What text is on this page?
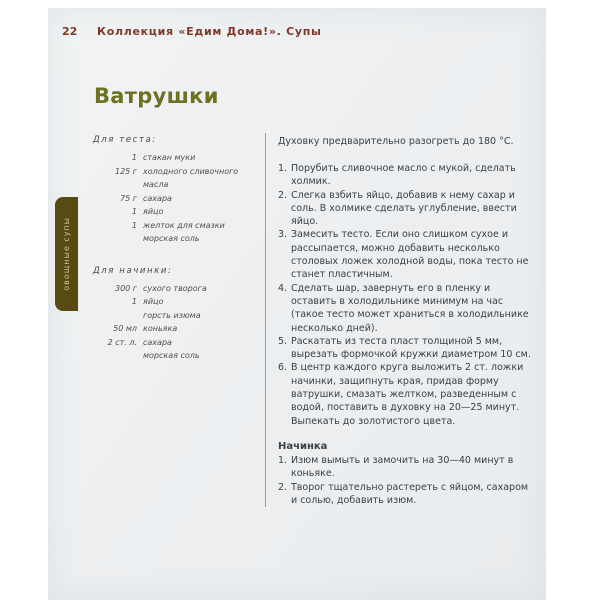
22 Коллекция «Едим Дома!». Супы
Ватрушки
овощные супы
Для теста:
1 стакан муки
125 г холодного сливочного масла
75 г сахара
1 яйцо
1 желток для смазки
морская соль
Для начинки:
300 г сухого творога
1 яйцо
горсть изюма
50 мл коньяка
2 ст. л. сахара
морская соль
Духовку предварительно разогреть до 180 °C.
1. Порубить сливочное масло с мукой, сделать холмик.
2. Слегка взбить яйцо, добавив к нему сахар и соль. В холмике сделать углубление, ввести яйцо.
3. Замесить тесто. Если оно слишком сухое и рассыпается, можно добавить несколько столовых ложек холодной воды, пока тесто не станет пластичным.
4. Сделать шар, завернуть его в пленку и оставить в холодильнике минимум на час (такое тесто может храниться в холодильнике несколько дней).
5. Раскатать из теста пласт толщиной 5 мм, вырезать формочкой кружки диаметром 10 см.
6. В центр каждого круга выложить 2 ст. ложки начинки, защипнуть края, придав форму ватрушки, смазать желтком, разведенным с водой, поставить в духовку на 20—25 минут. Выпекать до золотистого цвета.
Начинка
1. Изюм вымыть и замочить на 30—40 минут в коньяке.
2. Творог тщательно растереть с яйцом, сахаром и солью, добавить изюм.
